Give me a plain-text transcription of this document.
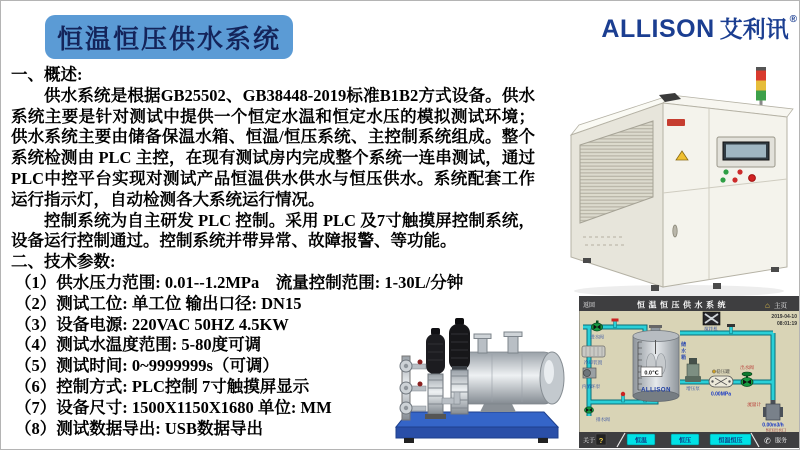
恒温恒压供水系统	ALLISON 艾利讯 ®
一、概述:

供水系统是根据GB25502、GB38448-2019标准B1B2方式设备。供水系统主要是针对测试中提供一个恒定水温和恒定水压的模拟测试环境；供水系统主要由储备保温水箱、恒温/恒压系统、主控制系统组成。整个系统检测由 PLC 主控，在现有测试房内完成整个系统一连串测试，通过PLC中控平台实现对测试产品恒温供水供水与恒压供水。系统配套工作运行指示灯，自动检测各大系统运行情况。

控制系统为自主研发 PLC 控制。采用 PLC 及7寸触摸屏控制系统，设备运行控制通过。控制系统并带异常、故障报警、等功能。

二、技术参数:
（1）供水压力范围: 0.01--1.2MPa　流量控制范围: 1-30L/分钟
（2）测试工位: 单工位 输出口径: DN15
（3）设备电源: 220VAC 50HZ 4.5KW
（4）测试水温度范围: 5-80度可调
（5）测试时间: 0~9999999s（可调）
（6）控制方式: PLC控制 7寸触摸屏显示
（7）设备尺寸: 1500X1150X1680 单位: MM
（8）测试数据导出: USB数据导出
返回	恒温恒压供水系统	⌂ 主页
2019-04-10
08:01:19
进水阀
冷却装置
内循环泵
排水阀
0.0℃
ALLISON
储
水
箱
搅拌机
增压泵
稳压罐
0.00MPa
出水阀
流量计
0.00m3/h
恒压出水口
关于 ?	恒温	恒压	恒温恒压	✆ 服务
